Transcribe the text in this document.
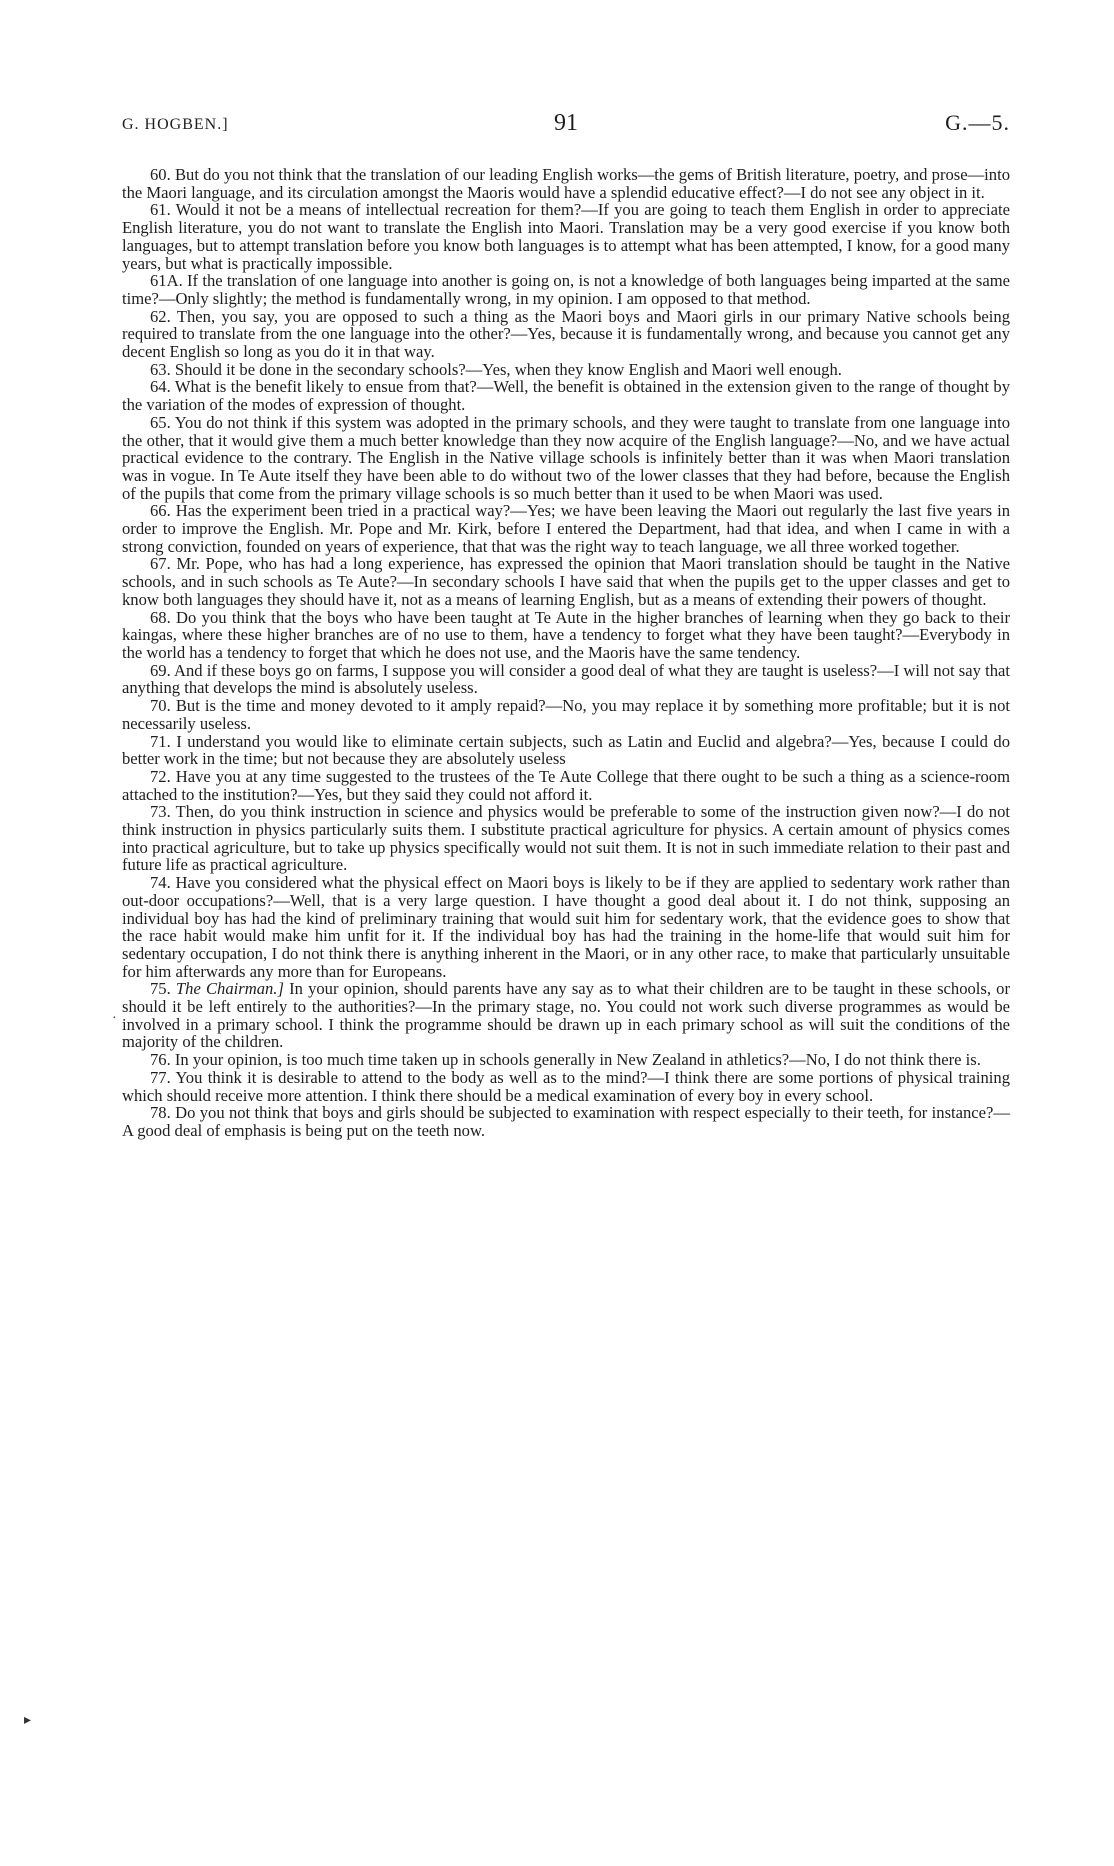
G. HOGBEN.]	91	G.—5.

60. But do you not think that the translation of our leading English works—the gems of British literature, poetry, and prose—into the Maori language, and its circulation amongst the Maoris would have a splendid educative effect?—I do not see any object in it.

61. Would it not be a means of intellectual recreation for them?—If you are going to teach them English in order to appreciate English literature, you do not want to translate the English into Maori. Translation may be a very good exercise if you know both languages, but to attempt translation before you know both languages is to attempt what has been attempted, I know, for a good many years, but what is practically impossible.

61A. If the translation of one language into another is going on, is not a knowledge of both languages being imparted at the same time?—Only slightly; the method is fundamentally wrong, in my opinion. I am opposed to that method.

62. Then, you say, you are opposed to such a thing as the Maori boys and Maori girls in our primary Native schools being required to translate from the one language into the other?—Yes, because it is fundamentally wrong, and because you cannot get any decent English so long as you do it in that way.

63. Should it be done in the secondary schools?—Yes, when they know English and Maori well enough.

64. What is the benefit likely to ensue from that?—Well, the benefit is obtained in the extension given to the range of thought by the variation of the modes of expression of thought.

65. You do not think if this system was adopted in the primary schools, and they were taught to translate from one language into the other, that it would give them a much better knowledge than they now acquire of the English language?—No, and we have actual practical evidence to the contrary. The English in the Native village schools is infinitely better than it was when Maori translation was in vogue. In Te Aute itself they have been able to do without two of the lower classes that they had before, because the English of the pupils that come from the primary village schools is so much better than it used to be when Maori was used.

66. Has the experiment been tried in a practical way?—Yes; we have been leaving the Maori out regularly the last five years in order to improve the English. Mr. Pope and Mr. Kirk, before I entered the Department, had that idea, and when I came in with a strong conviction, founded on years of experience, that that was the right way to teach language, we all three worked together.

67. Mr. Pope, who has had a long experience, has expressed the opinion that Maori translation should be taught in the Native schools, and in such schools as Te Aute?—In secondary schools I have said that when the pupils get to the upper classes and get to know both languages they should have it, not as a means of learning English, but as a means of extending their powers of thought.

68. Do you think that the boys who have been taught at Te Aute in the higher branches of learning when they go back to their kaingas, where these higher branches are of no use to them, have a tendency to forget what they have been taught?—Everybody in the world has a tendency to forget that which he does not use, and the Maoris have the same tendency.

69. And if these boys go on farms, I suppose you will consider a good deal of what they are taught is useless?—I will not say that anything that develops the mind is absolutely useless.

70. But is the time and money devoted to it amply repaid?—No, you may replace it by something more profitable; but it is not necessarily useless.

71. I understand you would like to eliminate certain subjects, such as Latin and Euclid and algebra?—Yes, because I could do better work in the time; but not because they are absolutely useless

72. Have you at any time suggested to the trustees of the Te Aute College that there ought to be such a thing as a science-room attached to the institution?—Yes, but they said they could not afford it.

73. Then, do you think instruction in science and physics would be preferable to some of the instruction given now?—I do not think instruction in physics particularly suits them. I substitute practical agriculture for physics. A certain amount of physics comes into practical agriculture, but to take up physics specifically would not suit them. It is not in such immediate relation to their past and future life as practical agriculture.

74. Have you considered what the physical effect on Maori boys is likely to be if they are applied to sedentary work rather than out-door occupations?—Well, that is a very large question. I have thought a good deal about it. I do not think, supposing an individual boy has had the kind of preliminary training that would suit him for sedentary work, that the evidence goes to show that the race habit would make him unfit for it. If the individual boy has had the training in the home-life that would suit him for sedentary occupation, I do not think there is anything inherent in the Maori, or in any other race, to make that particularly unsuitable for him afterwards any more than for Europeans.

75. The Chairman.] In your opinion, should parents have any say as to what their children are to be taught in these schools, or should it be left entirely to the authorities?—In the primary stage, no. You could not work such diverse programmes as would be involved in a primary school. I think the programme should be drawn up in each primary school as will suit the conditions of the majority of the children.

76. In your opinion, is too much time taken up in schools generally in New Zealand in athletics?—No, I do not think there is.

77. You think it is desirable to attend to the body as well as to the mind?—I think there are some portions of physical training which should receive more attention. I think there should be a medical examination of every boy in every school.

78. Do you not think that boys and girls should be subjected to examination with respect especially to their teeth, for instance?—A good deal of emphasis is being put on the teeth now.

·
▸
